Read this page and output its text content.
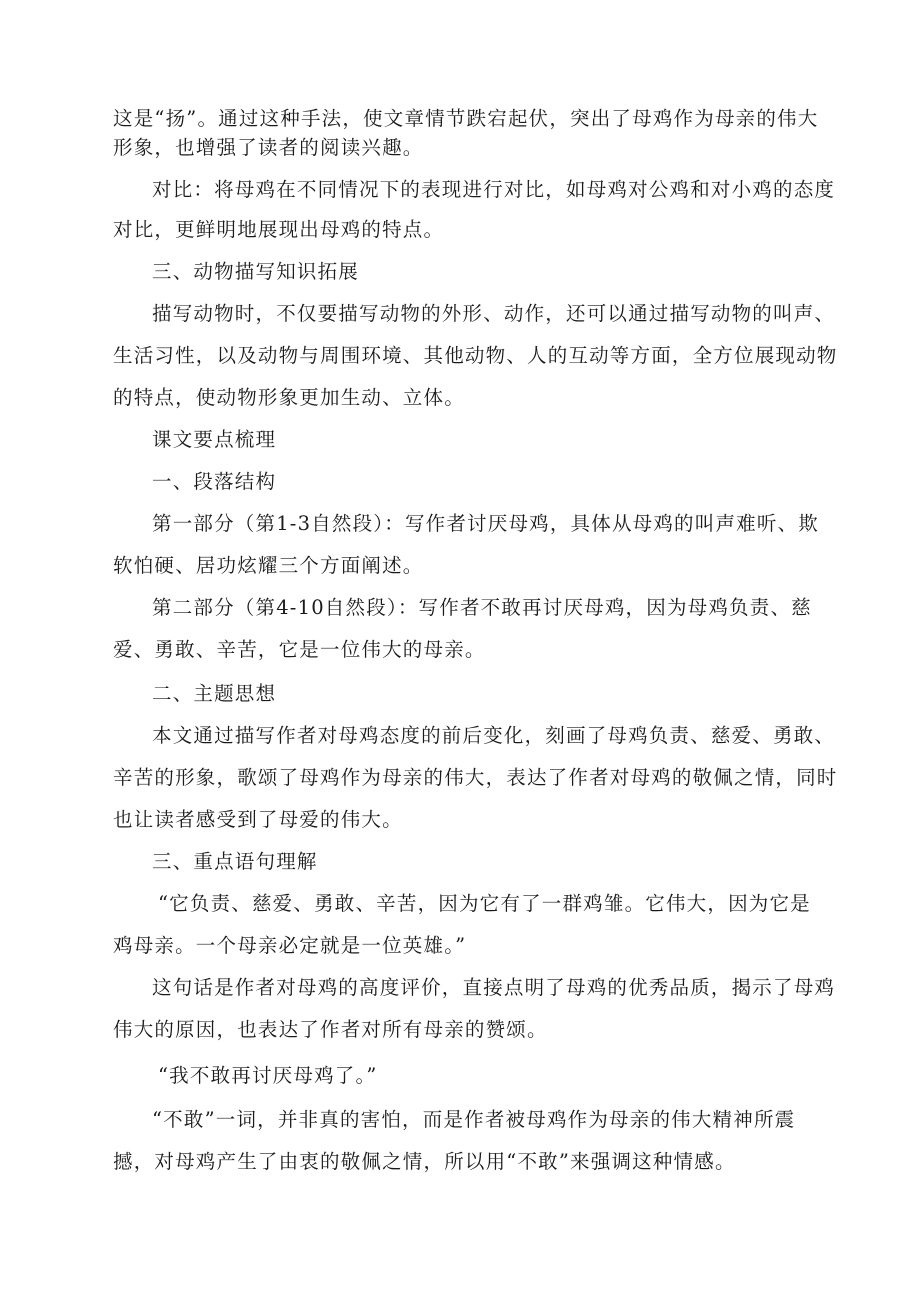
这是“扬”。通过这种手法，使文章情节跌宕起伏，突出了母鸡作为母亲的伟大
形象，也增强了读者的阅读兴趣。
对比：将母鸡在不同情况下的表现进行对比，如母鸡对公鸡和对小鸡的态度
对比，更鲜明地展现出母鸡的特点。
三、动物描写知识拓展
描写动物时，不仅要描写动物的外形、动作，还可以通过描写动物的叫声、
生活习性，以及动物与周围环境、其他动物、人的互动等方面，全方位展现动物
的特点，使动物形象更加生动、立体。
课文要点梳理
一、段落结构
第一部分（第1-3自然段）：写作者讨厌母鸡，具体从母鸡的叫声难听、欺
软怕硬、居功炫耀三个方面阐述。
第二部分（第4-10自然段）：写作者不敢再讨厌母鸡，因为母鸡负责、慈
爱、勇敢、辛苦，它是一位伟大的母亲。
二、主题思想
本文通过描写作者对母鸡态度的前后变化，刻画了母鸡负责、慈爱、勇敢、
辛苦的形象，歌颂了母鸡作为母亲的伟大，表达了作者对母鸡的敬佩之情，同时
也让读者感受到了母爱的伟大。
三、重点语句理解
“它负责、慈爱、勇敢、辛苦，因为它有了一群鸡雏。它伟大，因为它是
鸡母亲。一个母亲必定就是一位英雄。”
这句话是作者对母鸡的高度评价，直接点明了母鸡的优秀品质，揭示了母鸡
伟大的原因，也表达了作者对所有母亲的赞颂。
“我不敢再讨厌母鸡了。”
“不敢”一词，并非真的害怕，而是作者被母鸡作为母亲的伟大精神所震
撼，对母鸡产生了由衷的敬佩之情，所以用“不敢”来强调这种情感。
